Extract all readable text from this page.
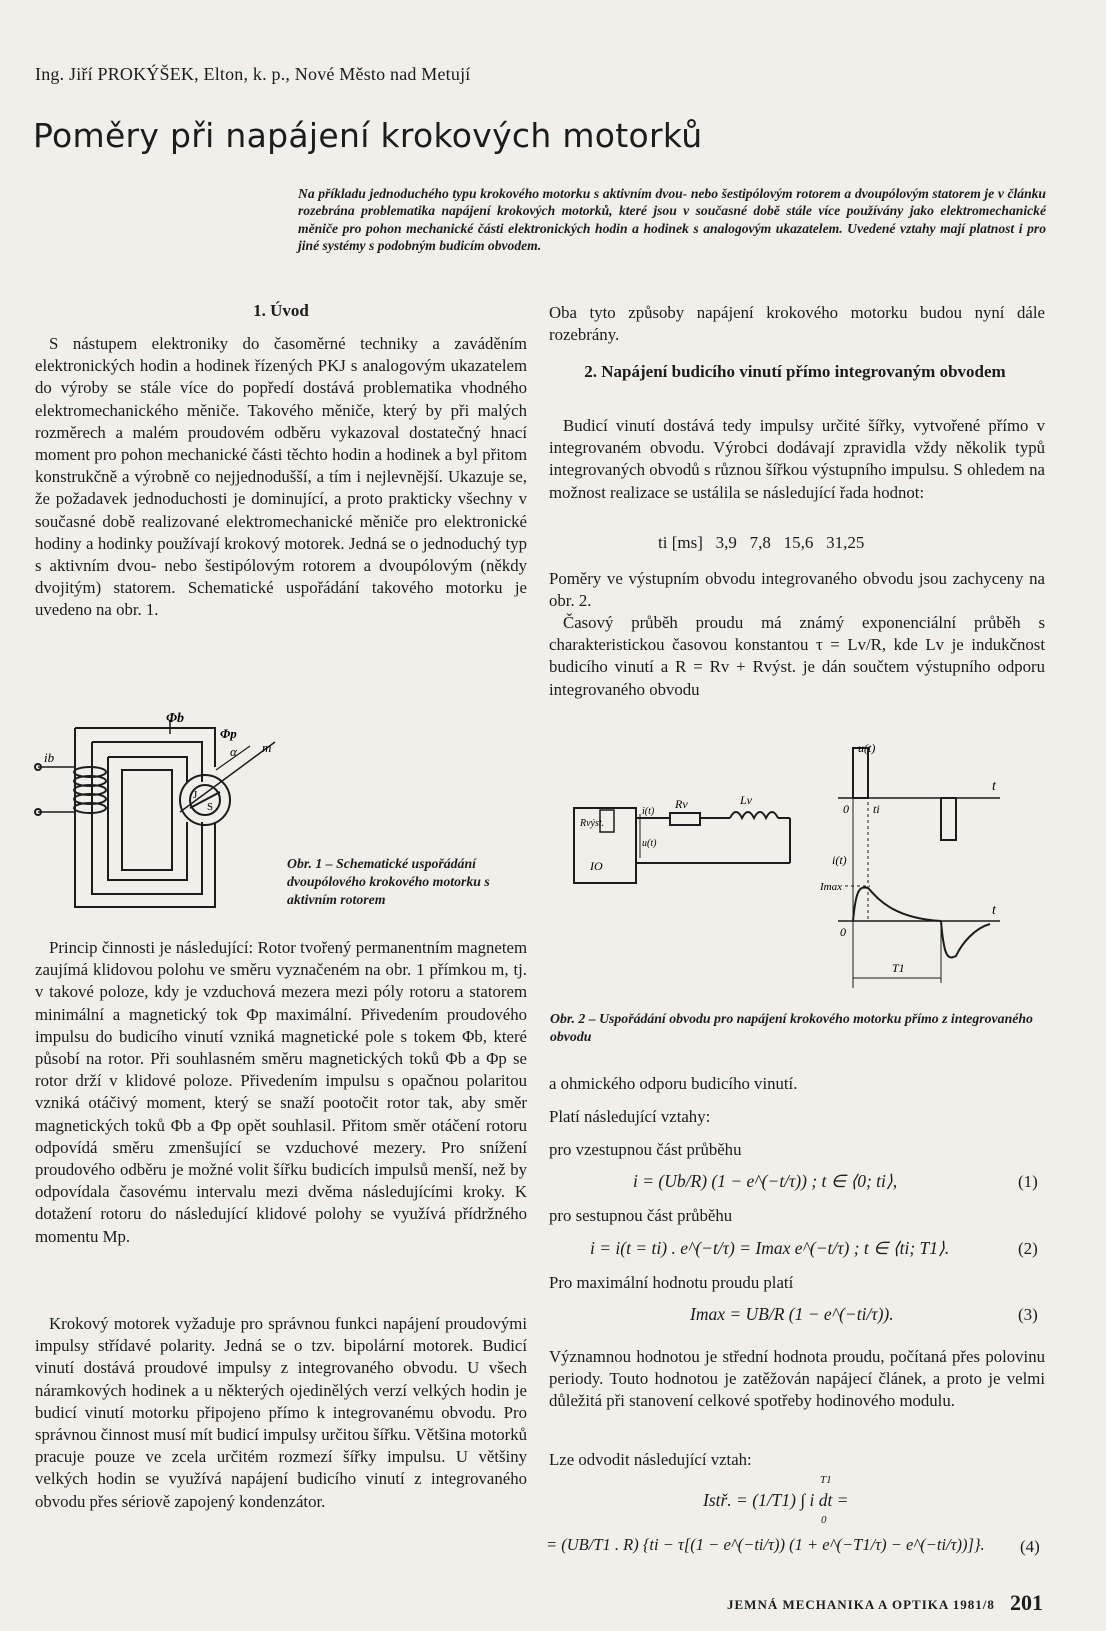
Ing. Jiří PROKÝŠEK, Elton, k. p., Nové Město nad Metují
Poměry při napájení krokových motorků
Na příkladu jednoduchého typu krokového motorku s aktivním dvou- nebo šestipólovým rotorem a dvoupólovým statorem je v článku rozebrána problematika napájení krokových motorků, které jsou v současné době stále více používány jako elektromechanické měniče pro pohon mechanické části elektronických hodin a hodinek s analogovým ukazatelem. Uvedené vztahy mají platnost i pro jiné systémy s podobným budicím obvodem.
1. Úvod

S nástupem elektroniky do časoměrné techniky a zaváděním elektronických hodin a hodinek řízených PKJ s analogovým ukazatelem do výroby se stále více do popředí dostává problematika vhodného elektromechanického měniče. Takového měniče, který by při malých rozměrech a malém proudovém odběru vykazoval dostatečný hnací moment pro pohon mechanické části těchto hodin a hodinek a byl přitom konstrukčně a výrobně co nejjednodušší, a tím i nejlevnější. Ukazuje se, že požadavek jednoduchosti je dominující, a proto prakticky všechny v současné době realizované elektromechanické měniče pro elektronické hodiny a hodinky používají krokový motorek. Jedná se o jednoduchý typ s aktivním dvou- nebo šestipólovým rotorem a dvoupólovým (někdy dvojitým) statorem. Schematické uspořádání takového motorku je uvedeno na obr. 1.

Φb
Φp
α m
ib
S
J
Obr. 1 – Schematické uspořádání dvoupólového krokového motorku s aktivním rotorem

Princip činnosti je následující: Rotor tvořený permanentním magnetem zaujímá klidovou polohu ve směru vyznačeném na obr. 1 přímkou m, tj. v takové poloze, kdy je vzduchová mezera mezi póly rotoru a statorem minimální a magnetický tok Φp maximální. Přivedením proudového impulsu do budicího vinutí vzniká magnetické pole s tokem Φb, které působí na rotor. Při souhlasném směru magnetických toků Φb a Φp se rotor drží v klidové poloze. Přivedením impulsu s opačnou polaritou vzniká otáčivý moment, který se snaží pootočit rotor tak, aby směr magnetických toků Φb a Φp opět souhlasil. Přitom směr otáčení rotoru odpovídá směru zmenšující se vzduchové mezery. Pro snížení proudového odběru je možné volit šířku budicích impulsů menší, než by odpovídala časovému intervalu mezi dvěma následujícími kroky. K dotažení rotoru do následující klidové polohy se využívá přídržného momentu Mp.

Krokový motorek vyžaduje pro správnou funkci napájení proudovými impulsy střídavé polarity. Jedná se o tzv. bipolární motorek. Budicí vinutí dostává proudové impulsy z integrovaného obvodu. U všech náramkových hodinek a u některých ojedinělých verzí velkých hodin je budicí vinutí motorku připojeno přímo k integrovanému obvodu. Pro správnou činnost musí mít budicí impulsy určitou šířku. Většina motorků pracuje pouze ve zcela určitém rozmezí šířky impulsu. U většiny velkých hodin se využívá napájení budicího vinutí z integrovaného obvodu přes sériově zapojený kondenzátor.

Oba tyto způsoby napájení krokového motorku budou nyní dále rozebrány.

2. Napájení budicího vinutí přímo integrovaným obvodem

Budicí vinutí dostává tedy impulsy určité šířky, vytvořené přímo v integrovaném obvodu. Výrobci dodávají zpravidla vždy několik typů integrovaných obvodů s různou šířkou výstupního impulsu. S ohledem na možnost realizace se ustálila se následující řada hodnot:

ti [ms]   3,9   7,8   15,6   31,25

Poměry ve výstupním obvodu integrovaného obvodu jsou zachyceny na obr. 2.

Časový průběh proudu má známý exponenciální průběh s charakteristickou časovou konstantou τ = Lv/R, kde Lv je indukčnost budicího vinutí a R = Rv + Rvýst. je dán součtem výstupního odporu integrovaného obvodu

u(t)
0 ti
t
i(t)
Imax
0
t
T1
Rv	Lv
Rvýst.
IO
i(t)
u(t)
Obr. 2 – Uspořádání obvodu pro napájení krokového motorku přímo z integrovaného obvodu

a ohmického odporu budicího vinutí.

Platí následující vztahy:

pro vzestupnou část průběhu

i = (Ub/R) (1 − e^(−t/τ)) ; t ∈ ⟨0; ti⟩,	(1)

pro sestupnou část průběhu

i = i(t = ti) . e^(−t/τ) = Imax e^(−t/τ) ; t ∈ ⟨ti; T1⟩.	(2)

Pro maximální hodnotu proudu platí

Imax = UB/R (1 − e^(−ti/τ)).	(3)

Významnou hodnotou je střední hodnota proudu, počítaná přes polovinu periody. Touto hodnotou je zatěžován napájecí článek, a proto je velmi důležitá při stanovení celkové spotřeby hodinového modulu.

Lze odvodit následující vztah:

T1
Istř. = (1/T1) ∫ i dt =
0
= (UB/T1 . R) {ti − τ[(1 − e^(−ti/τ)) (1 + e^(−T1/τ) − e^(−ti/τ))]}. (4)
JEMNÁ MECHANIKA A OPTIKA 1981/8 201
